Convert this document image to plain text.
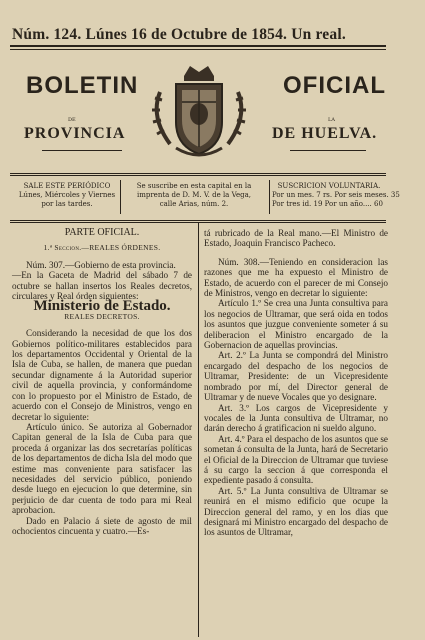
Núm. 124. Lúnes 16 de Octubre de 1854. Un real.
BOLETIN	OFICIAL
DE	LA
PROVINCIA	DE HUELVA.
SALE ESTE PERIÓDICO
Lúnes, Miércoles y Viernes
por las tardes.
Se suscribe en esta capital en la
imprenta de D. M. V. de la Vega,
calle Arias, núm. 2.
SUSCRICION VOLUNTARIA.
Por un mes. 7 rs. Por seis meses. 35
Por tres id. 19 Por un año.... 60

PARTE OFICIAL.

1.ª Seccion.—REALES ÓRDENES.

Núm. 307.—Gobierno de esta provincia.

—En la Gaceta de Madrid del sábado 7 de octubre se hallan insertos los Reales decretos, circulares y Real órden siguientes:

Ministerio de Estado.

REALES DECRETOS.

Considerando la necesidad de que los dos Gobiernos político-militares establecidos para los departamentos Occidental y Oriental de la Isla de Cuba, se hallen, de manera que puedan secundar dignamente á la Autoridad superior civil de aquella provincia, y conformándome con lo propuesto por el Ministro de Estado, de acuerdo con el Consejo de Ministros, vengo en decretar lo siguiente:

Artículo único. Se autoriza al Gobernador Capitan general de la Isla de Cuba para que proceda á organizar las dos secretarías políticas de los departamentos de dicha Isla del modo que estime mas conveniente para satisfacer las necesidades del servicio público, poniendo desde luego en ejecucion lo que determine, sin perjuicio de dar cuenta de todo para mi Real aprobacion.

Dado en Palacio á siete de agosto de mil ochocientos cincuenta y cuatro.—Es-

tá rubricado de la Real mano.—El Ministro de Estado, Joaquin Francisco Pacheco.

Núm. 308.—Teniendo en consideracion las razones que me ha expuesto el Ministro de Estado, de acuerdo con el parecer de mi Consejo de Ministros, vengo en decretar lo siguiente:

Artículo 1.º Se crea una Junta consultiva para los negocios de Ultramar, que será oida en todos los asuntos que juzgue conveniente someter á su deliberacion el Ministro encargado de la Gobernacion de aquellas provincias.

Art. 2.º La Junta se compondrá del Ministro encargado del despacho de los negocios de Ultramar, Presidente: de un Vicepresidente nombrado por mí, del Director general de Ultramar y de nueve Vocales que yo designare.

Art. 3.º Los cargos de Vicepresidente y vocales de la Junta consultiva de Ultramar, no darán derecho á gratificacion ni sueldo alguno.

Art. 4.º Para el despacho de los asuntos que se sometan á consulta de la Junta, hará de Secretario el Oficial de la Direccion de Ultramar que tuviese á su cargo la seccion á que corresponda el expediente pasado á consulta.

Art. 5.º La Junta consultiva de Ultramar se reunirá en el mismo edificio que ocupe la Direccion general del ramo, y en los dias que designará mi Ministro encargado del despacho de los asuntos de Ultramar,
